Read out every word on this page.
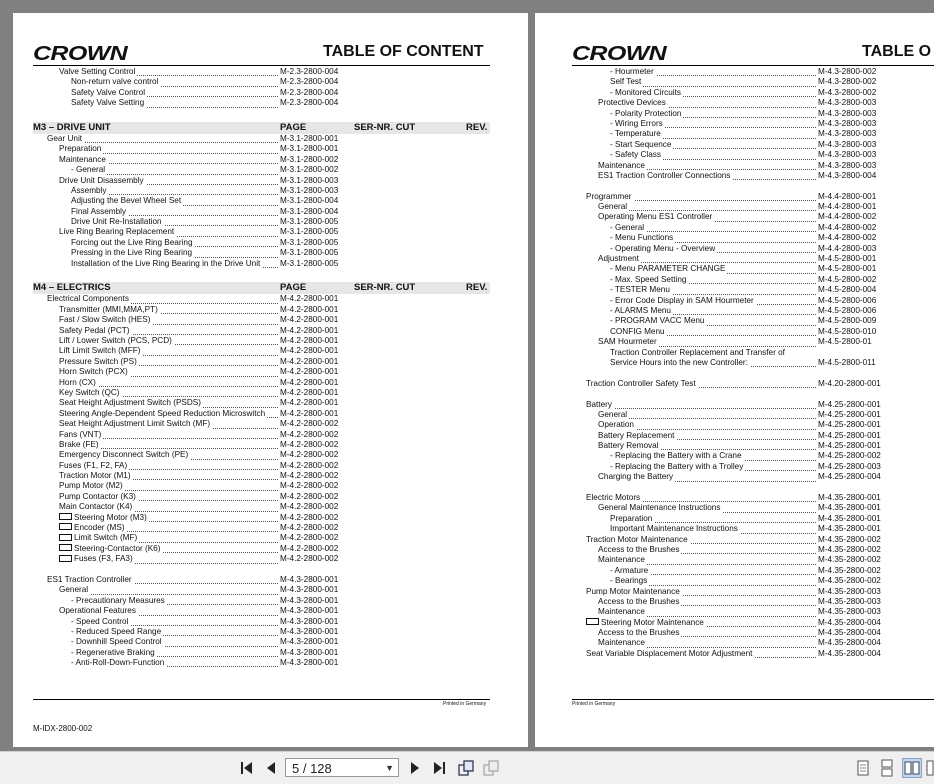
CROWN	TABLE OF CONTENT
Valve Setting Control	M-2.3-2800-004
Non-return valve control	M-2.3-2800-004
Safety Valve Control	M-2.3-2800-004
Safety Valve Setting	M-2.3-2800-004
M3 – DRIVE UNIT	PAGE	SER-NR. CUT	REV.
Gear Unit	M-3.1-2800-001
Preparation	M-3.1-2800-001
Maintenance	M-3.1-2800-002
- General	M-3.1-2800-002
Drive Unit Disassembly	M-3.1-2800-003
Assembly	M-3.1-2800-003
Adjusting the Bevel Wheel Set	M-3.1-2800-004
Final Assembly	M-3.1-2800-004
Drive Unit Re-Installation	M-3.1-2800-005
Live Ring Bearing Replacement	M-3.1-2800-005
Forcing out the Live Ring Bearing	M-3.1-2800-005
Pressing in the Live Ring Bearing	M-3.1-2800-005
Installation of the Live Ring Bearing in the Drive Unit M-3.1-2800-005
M4 – ELECTRICS	PAGE	SER-NR. CUT	REV.
Electrical Components	M-4.2-2800-001
Transmitter (MMI,MMA,PT)	M-4.2-2800-001
Fast / Slow Switch (HES)	M-4.2-2800-001
Safety Pedal (PCT)	M-4.2-2800-001
Lift / Lower Switch (PCS, PCD)	M-4.2-2800-001
Lift Limit Switch (MFF)	M-4.2-2800-001
Pressure Switch (PS)	M-4.2-2800-001
Horn Switch (PCX)	M-4.2-2800-001
Horn (CX)	M-4.2-2800-001
Key Switch (QC)	M-4.2-2800-001
Seat Height Adjustment Switch (PSDS)	M-4.2-2800-001
Steering Angle-Dependent Speed Reduction Microswitch M-4.2-2800-001
Seat Height Adjustment Limit Switch (MF)	M-4.2-2800-002
Fans (VNT)	M-4.2-2800-002
Brake (FE)	M-4.2-2800-002
Emergency Disconnect Switch (PE)	M-4.2-2800-002
Fuses (F1, F2, FA)	M-4.2-2800-002
Traction Motor (M1)	M-4.2-2800-002
Pump Motor (M2)	M-4.2-2800-002
Pump Contactor (K3)	M-4.2-2800-002
Main Contactor (K4)	M-4.2-2800-002
Steering Motor (M3)	M-4.2-2800-002
Encoder (MS)	M-4.2-2800-002
Limit Switch (MF)	M-4.2-2800-002
Steering-Contactor (K6)	M-4.2-2800-002
Fuses (F3, FA3)	M-4.2-2800-002
ES1 Traction Controller	M-4.3-2800-001
General	M-4.3-2800-001
- Precautionary Measures	M-4.3-2800-001
Operational Features	M-4.3-2800-001
- Speed Control	M-4.3-2800-001
- Reduced Speed Range	M-4.3-2800-001
- Downhill Speed Control	M-4.3-2800-001
- Regenerative Braking	M-4.3-2800-001
- Anti-Roll-Down-Function	M-4.3-2800-001
Printed in Germany
M-IDX-2800-002
CROWN	TABLE O
- Hourmeter	M-4.3-2800-002
Self Test	M-4.3-2800-002
- Monitored Circuits	M-4.3-2800-002
Protective Devices	M-4.3-2800-003
- Polarity Protection	M-4.3-2800-003
- Wiring Errors	M-4.3-2800-003
- Temperature	M-4.3-2800-003
- Start Sequence	M-4.3-2800-003
- Safety Class	M-4.3-2800-003
Maintenance	M-4.3-2800-003
ES1 Traction Controller Connections	M-4.3-2800-004
Programmer	M-4.4-2800-001
General	M-4.4-2800-001
Operating Menu ES1 Controller	M-4.4-2800-002
- General	M-4.4-2800-002
- Menu Functions	M-4.4-2800-002
- Operating Menu - Overview	M-4.4-2800-003
Adjustment	M-4.5-2800-001
- Menu PARAMETER CHANGE	M-4.5-2800-001
- Max. Speed Setting	M-4.5-2800-002
- TESTER Menu	M-4.5-2800-004
- Error Code Display in SAM Hourmeter	M-4.5-2800-006
- ALARMS Menu	M-4.5-2800-006
- PROGRAM VACC Menu	M-4.5-2800-009
CONFIG Menu	M-4.5-2800-010
SAM Hourmeter	M-4.5-2800-01
Traction Controller Replacement and Transfer of
Service Hours into the new Controller:	M-4.5-2800-011
Traction Controller Safety Test	M-4.20-2800-001
Battery	M-4.25-2800-001
General	M-4.25-2800-001
Operation	M-4.25-2800-001
Battery Replacement	M-4.25-2800-001
Battery Removal	M-4.25-2800-001
- Replacing the Battery with a Crane	M-4.25-2800-002
- Replacing the Battery with a Trolley	M-4.25-2800-003
Charging the Battery	M-4.25-2800-004
Electric Motors	M-4.35-2800-001
General Maintenance Instructions	M-4.35-2800-001
Preparation	M-4.35-2800-001
Important Maintenance Instructions	M-4.35-2800-001
Traction Motor Maintenance	M-4.35-2800-002
Access to the Brushes	M-4.35-2800-002
Maintenance	M-4.35-2800-002
- Armature	M-4.35-2800-002
- Bearings	M-4.35-2800-002
Pump Motor Maintenance	M-4.35-2800-003
Access to the Brushes	M-4.35-2800-003
Maintenance	M-4.35-2800-003
Steering Motor Maintenance	M-4.35-2800-004
Access to the Brushes	M-4.35-2800-004
Maintenance	M-4.35-2800-004
Seat Variable Displacement Motor Adjustment	M-4.35-2800-004
Printed in Germany
5 / 128	▼
